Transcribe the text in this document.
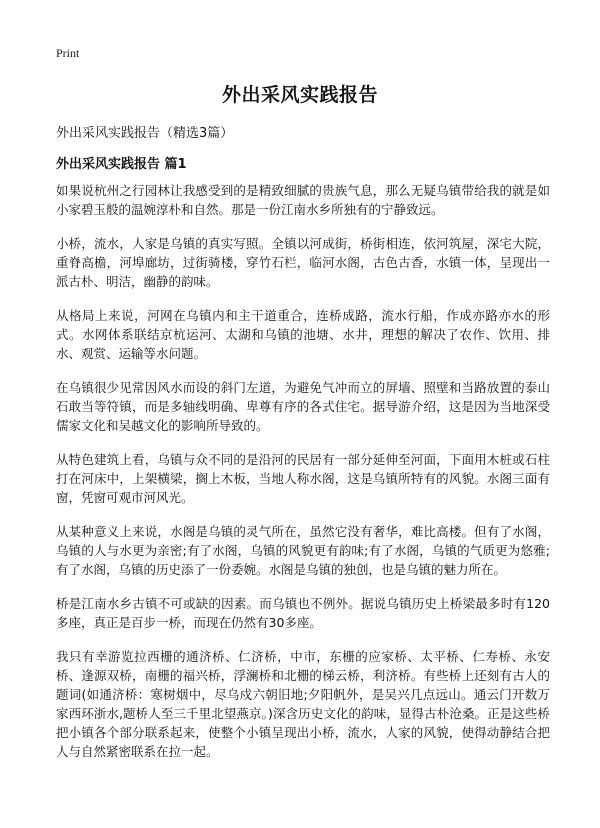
Print
外出采风实践报告

外出采风实践报告（精选3篇）

外出采风实践报告 篇1

如果说杭州之行园林让我感受到的是精致细腻的贵族气息，那么无疑乌镇带给我的就是如小家碧玉般的温婉淳朴和自然。那是一份江南水乡所独有的宁静致远。

小桥，流水，人家是乌镇的真实写照。全镇以河成街，桥街相连，依河筑屋，深宅大院，重脊高檐，河埠廊坊，过街骑楼，穿竹石栏，临河水阁，古色古香，水镇一体，呈现出一派古朴、明洁，幽静的韵味。

从格局上来说，河网在乌镇内和主干道重合，连桥成路，流水行船，作成亦路亦水的形式。水网体系联结京杭运河、太湖和乌镇的池塘、水井，理想的解决了农作、饮用、排水、观赏、运输等水问题。

在乌镇很少见常因风水而设的斜门左道，为避免气冲而立的屏墙、照壁和当路放置的泰山石敢当等符镇，而是多轴线明确、卑尊有序的各式住宅。据导游介绍，这是因为当地深受儒家文化和吴越文化的影响所导致的。

从特色建筑上看，乌镇与众不同的是沿河的民居有一部分延伸至河面，下面用木桩或石柱打在河床中，上架横梁，搁上木板，当地人称水阁，这是乌镇所特有的风貌。水阁三面有窗，凭窗可观市河风光。

从某种意义上来说，水阁是乌镇的灵气所在，虽然它没有奢华，难比高楼。但有了水阁，乌镇的人与水更为亲密;有了水阁，乌镇的风貌更有韵味;有了水阁，乌镇的气质更为悠雅;有了水阁，乌镇的历史添了一份委婉。水阁是乌镇的独创，也是乌镇的魅力所在。

桥是江南水乡古镇不可或缺的因素。而乌镇也不例外。据说乌镇历史上桥梁最多时有120多座，真正是百步一桥，而现在仍然有30多座。

我只有幸游览拉西栅的通济桥、仁济桥，中市，东栅的应家桥、太平桥、仁寿桥、永安桥、逢源双桥，南栅的福兴桥，浮澜桥和北栅的梯云桥，利济桥。有些桥上还刻有古人的题词(如通济桥：寒树烟中，尽乌戍六朝旧地;夕阳帆外，是吴兴几点远山。通云门开数万家西环浙水,题桥人至三千里北望燕京。)深含历史文化的韵味，显得古朴沧桑。正是这些桥把小镇各个部分联系起来，使整个小镇呈现出小桥，流水，人家的风貌，使得动静结合把人与自然紧密联系在拉一起。
